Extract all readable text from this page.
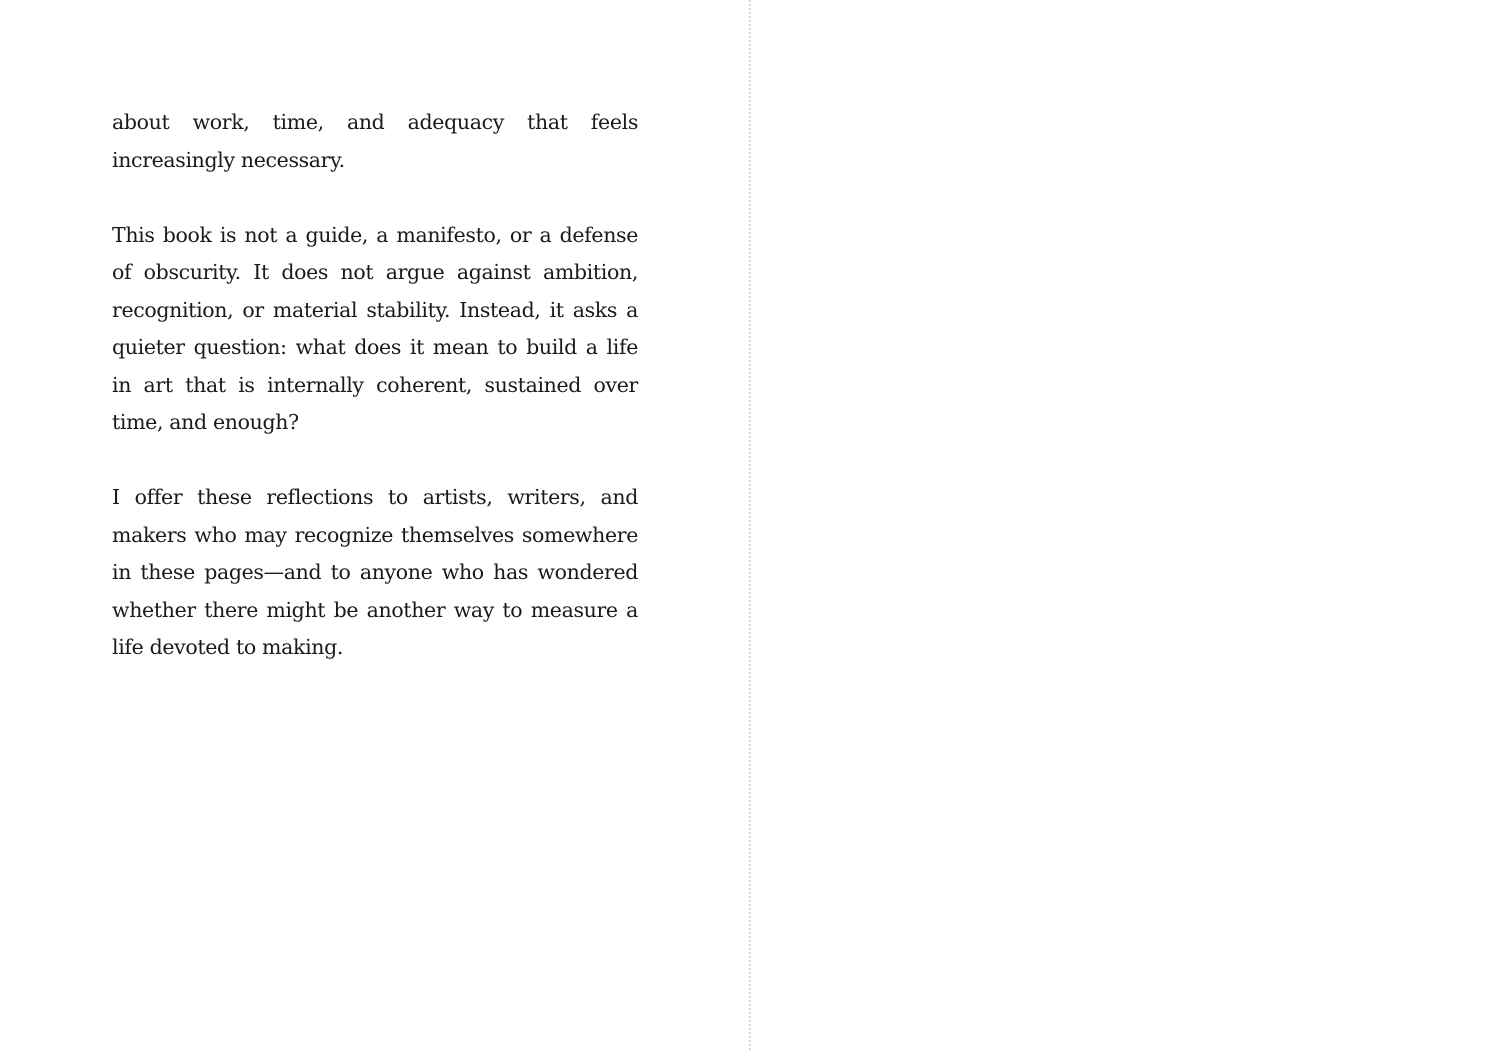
about work, time, and adequacy that feels increasingly necessary.

This book is not a guide, a manifesto, or a defense of obscurity. It does not argue against ambition, recognition, or material stability. Instead, it asks a quieter question: what does it mean to build a life in art that is internally coherent, sustained over time, and enough?

I offer these reflections to artists, writers, and makers who may recognize themselves somewhere in these pages—and to anyone who has wondered whether there might be another way to measure a life devoted to making.
